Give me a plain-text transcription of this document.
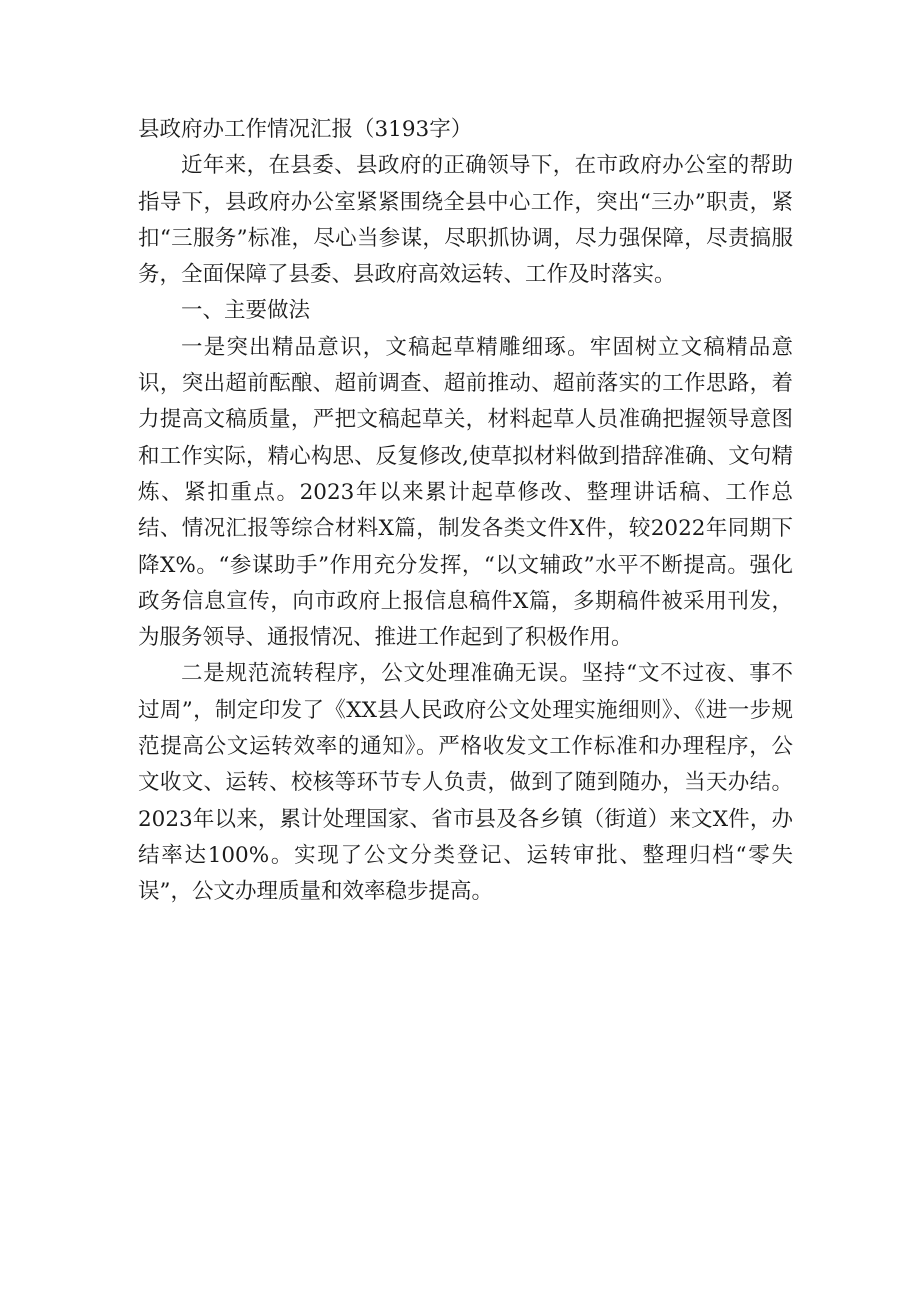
县政府办工作情况汇报（3193字）

近年来，在县委、县政府的正确领导下，在市政府办公室的帮助指导下，县政府办公室紧紧围绕全县中心工作，突出“三办”职责，紧扣“三服务”标准，尽心当参谋，尽职抓协调，尽力强保障，尽责搞服务，全面保障了县委、县政府高效运转、工作及时落实。

一、主要做法

一是突出精品意识，文稿起草精雕细琢。牢固树立文稿精品意识，突出超前酝酿、超前调查、超前推动、超前落实的工作思路，着力提高文稿质量，严把文稿起草关，材料起草人员准确把握领导意图和工作实际，精心构思、反复修改,使草拟材料做到措辞准确、文句精炼、紧扣重点。2023年以来累计起草修改、整理讲话稿、工作总结、情况汇报等综合材料X篇，制发各类文件X件，较2022年同期下降X%。“参谋助手”作用充分发挥，“以文辅政”水平不断提高。强化政务信息宣传，向市政府上报信息稿件X篇，多期稿件被采用刊发，为服务领导、通报情况、推进工作起到了积极作用。

二是规范流转程序，公文处理准确无误。坚持“文不过夜、事不过周”，制定印发了《XX县人民政府公文处理实施细则》、《进一步规范提高公文运转效率的通知》。严格收发文工作标准和办理程序，公文收文、运转、校核等环节专人负责，做到了随到随办，当天办结。2023年以来，累计处理国家、省市县及各乡镇（街道）来文X件，办结率达100%。实现了公文分类登记、运转审批、整理归档“零失误”，公文办理质量和效率稳步提高。
